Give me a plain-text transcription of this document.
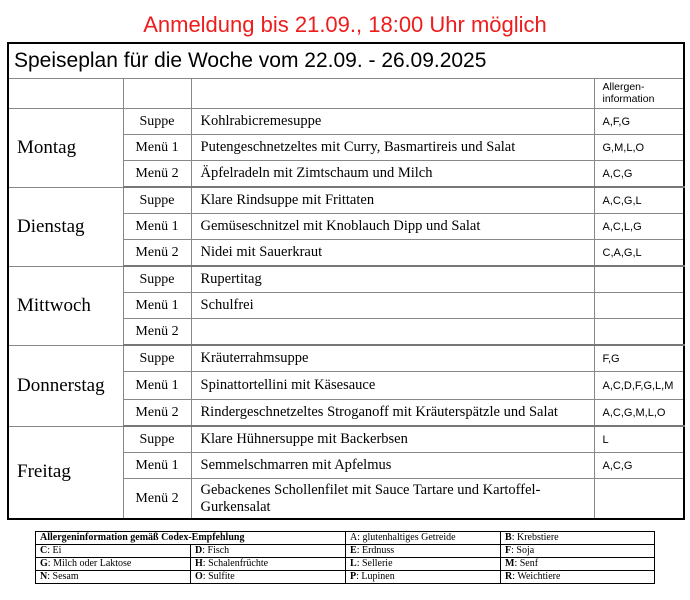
Anmeldung bis 21.09., 18:00 Uhr möglich
Speiseplan für die Woche vom 22.09. - 26.09.2025			
			Allergen-information
Montag	Suppe	Kohlrabicremesuppe	A,F,G
	Menü 1	Putengeschnetzeltes mit Curry, Basmartireis und Salat	G,M,L,O
	Menü 2	Äpfelradeln mit Zimtschaum und Milch	A,C,G
Dienstag	Suppe	Klare Rindsuppe mit Frittaten	A,C,G,L
	Menü 1	Gemüseschnitzel mit Knoblauch Dipp und Salat	A,C,L,G
	Menü 2	Nidei mit Sauerkraut	C,A,G,L
Mittwoch	Suppe	Rupertitag	
	Menü 1	Schulfrei	
	Menü 2		
Donnerstag	Suppe	Kräuterrahmsuppe	F,G
	Menü 1	Spinattortellini mit Käsesauce	A,C,D,F,G,L,M
	Menü 2	Rindergeschnetzeltes Stroganoff mit Kräuterspätzle und Salat	A,C,G,M,L,O
Freitag	Suppe	Klare Hühnersuppe mit Backerbsen	L
	Menü 1	Semmelschmarren mit Apfelmus	A,C,G
	Menü 2	Gebackenes Schollenfilet mit Sauce Tartare und Kartoffel-Gurkensalat	
Allergeninformation gemäß Codex-Empfehlung		A: glutenhaltiges Getreide	B: Krebstiere
C: Ei	D: Fisch	E: Erdnuss	F: Soja
G: Milch oder Laktose	H: Schalenfrüchte	L: Sellerie	M: Senf
N: Sesam	O: Sulfite	P: Lupinen	R: Weichtiere
